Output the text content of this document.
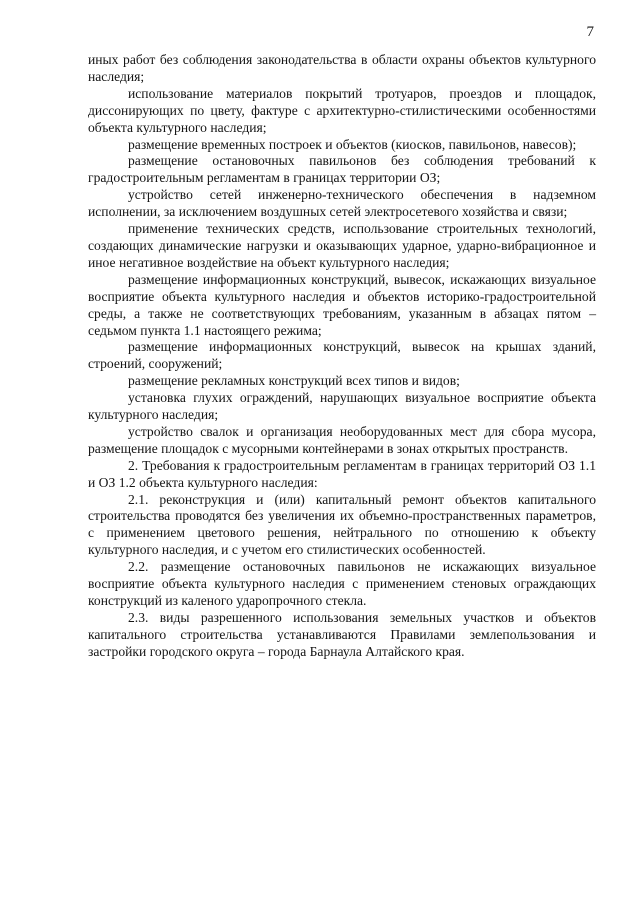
7

иных работ без соблюдения законодательства в области охраны объектов культурного наследия;

использование материалов покрытий тротуаров, проездов и площадок, диссонирующих по цвету, фактуре с архитектурно-стилистическими особенностями объекта культурного наследия;

размещение временных построек и объектов (киосков, павильонов, навесов);

размещение остановочных павильонов без соблюдения требований к градостроительным регламентам в границах территории ОЗ;

устройство сетей инженерно-технического обеспечения в надземном исполнении, за исключением воздушных сетей электросетевого хозяйства и связи;

применение технических средств, использование строительных технологий, создающих динамические нагрузки и оказывающих ударное, ударно-вибрационное и иное негативное воздействие на объект культурного наследия;

размещение информационных конструкций, вывесок, искажающих визуальное восприятие объекта культурного наследия и объектов историко-градостроительной среды, а также не соответствующих требованиям, указанным в абзацах пятом – седьмом пункта 1.1 настоящего режима;

размещение информационных конструкций, вывесок на крышах зданий, строений, сооружений;

размещение рекламных конструкций всех типов и видов;

установка глухих ограждений, нарушающих визуальное восприятие объекта культурного наследия;

устройство свалок и организация необорудованных мест для сбора мусора, размещение площадок с мусорными контейнерами в зонах открытых пространств.

2. Требования к градостроительным регламентам в границах территорий ОЗ 1.1 и ОЗ 1.2 объекта культурного наследия:

2.1. реконструкция и (или) капитальный ремонт объектов капитального строительства проводятся без увеличения их объемно-пространственных параметров, с применением цветового решения, нейтрального по отношению к объекту культурного наследия, и с учетом его стилистических особенностей.

2.2. размещение остановочных павильонов не искажающих визуальное восприятие объекта культурного наследия с применением стеновых ограждающих конструкций из каленого ударопрочного стекла.

2.3. виды разрешенного использования земельных участков и объектов капитального строительства устанавливаются Правилами землепользования и застройки городского округа – города Барнаула Алтайского края.
